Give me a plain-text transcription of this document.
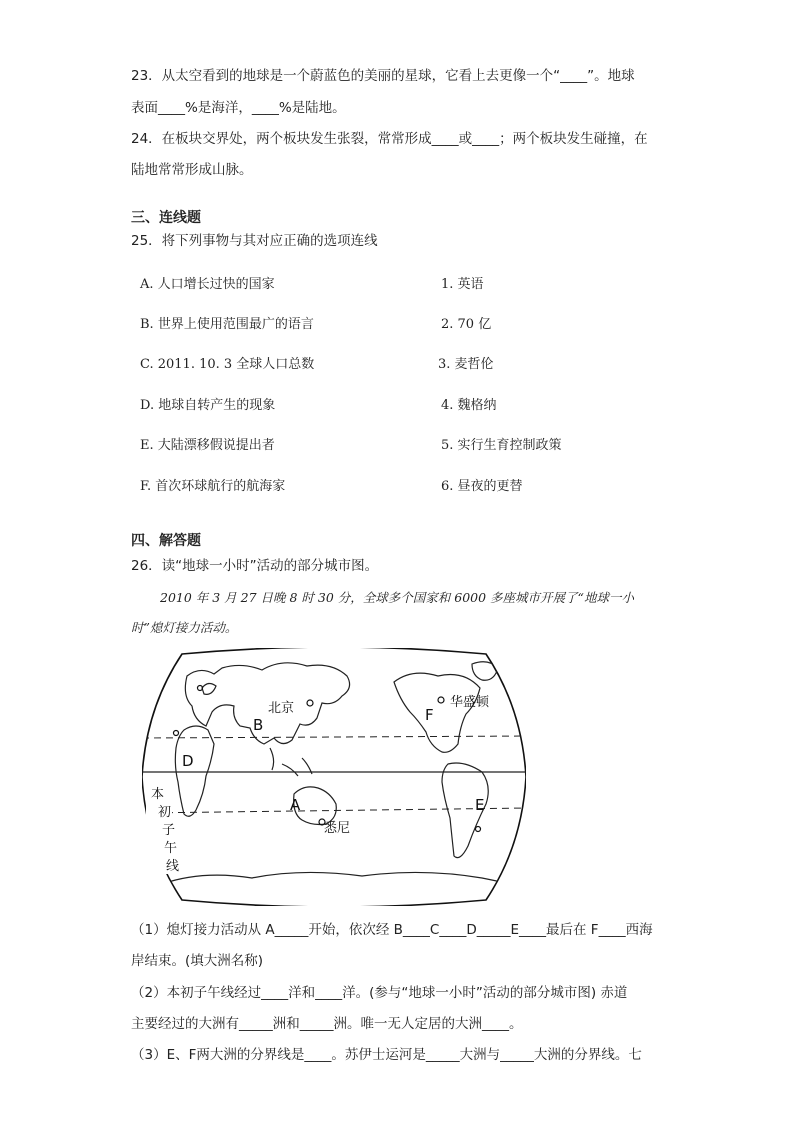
23．从太空看到的地球是一个蔚蓝色的美丽的星球，它看上去更像一个“____”。地球
表面____%是海洋，____%是陆地。
24．在板块交界处，两个板块发生张裂，常常形成____或____；两个板块发生碰撞，在
陆地常常形成山脉。
三、连线题
25．将下列事物与其对应正确的选项连线
A. 人口增长过快的国家
B. 世界上使用范围最广的语言
C. 2011. 10. 3 全球人口总数
D. 地球自转产生的现象
E. 大陆漂移假说提出者
F. 首次环球航行的航海家
1. 英语
2. 70 亿
3. 麦哲伦
4. 魏格纳
5. 实行生育控制政策
6. 昼夜的更替
四、解答题
26．读“地球一小时”活动的部分城市图。
2010 年 3 月 27 日晚 8 时 30 分，全球多个国家和 6000 多座城市开展了“地球一小
时”熄灯接力活动。
北京	华盛顿
悉尼
A
B
D
E
F
本
初
子
午
线
（1）熄灯接力活动从 A_____开始，依次经 B____C____D_____E____最后在 F____西海
岸结束。(填大洲名称)
（2）本初子午线经过____洋和____洋。(参与“地球一小时”活动的部分城市图) 赤道
主要经过的大洲有_____洲和_____洲。唯一无人定居的大洲____。
（3）E、F两大洲的分界线是____。苏伊士运河是_____大洲与_____大洲的分界线。七
